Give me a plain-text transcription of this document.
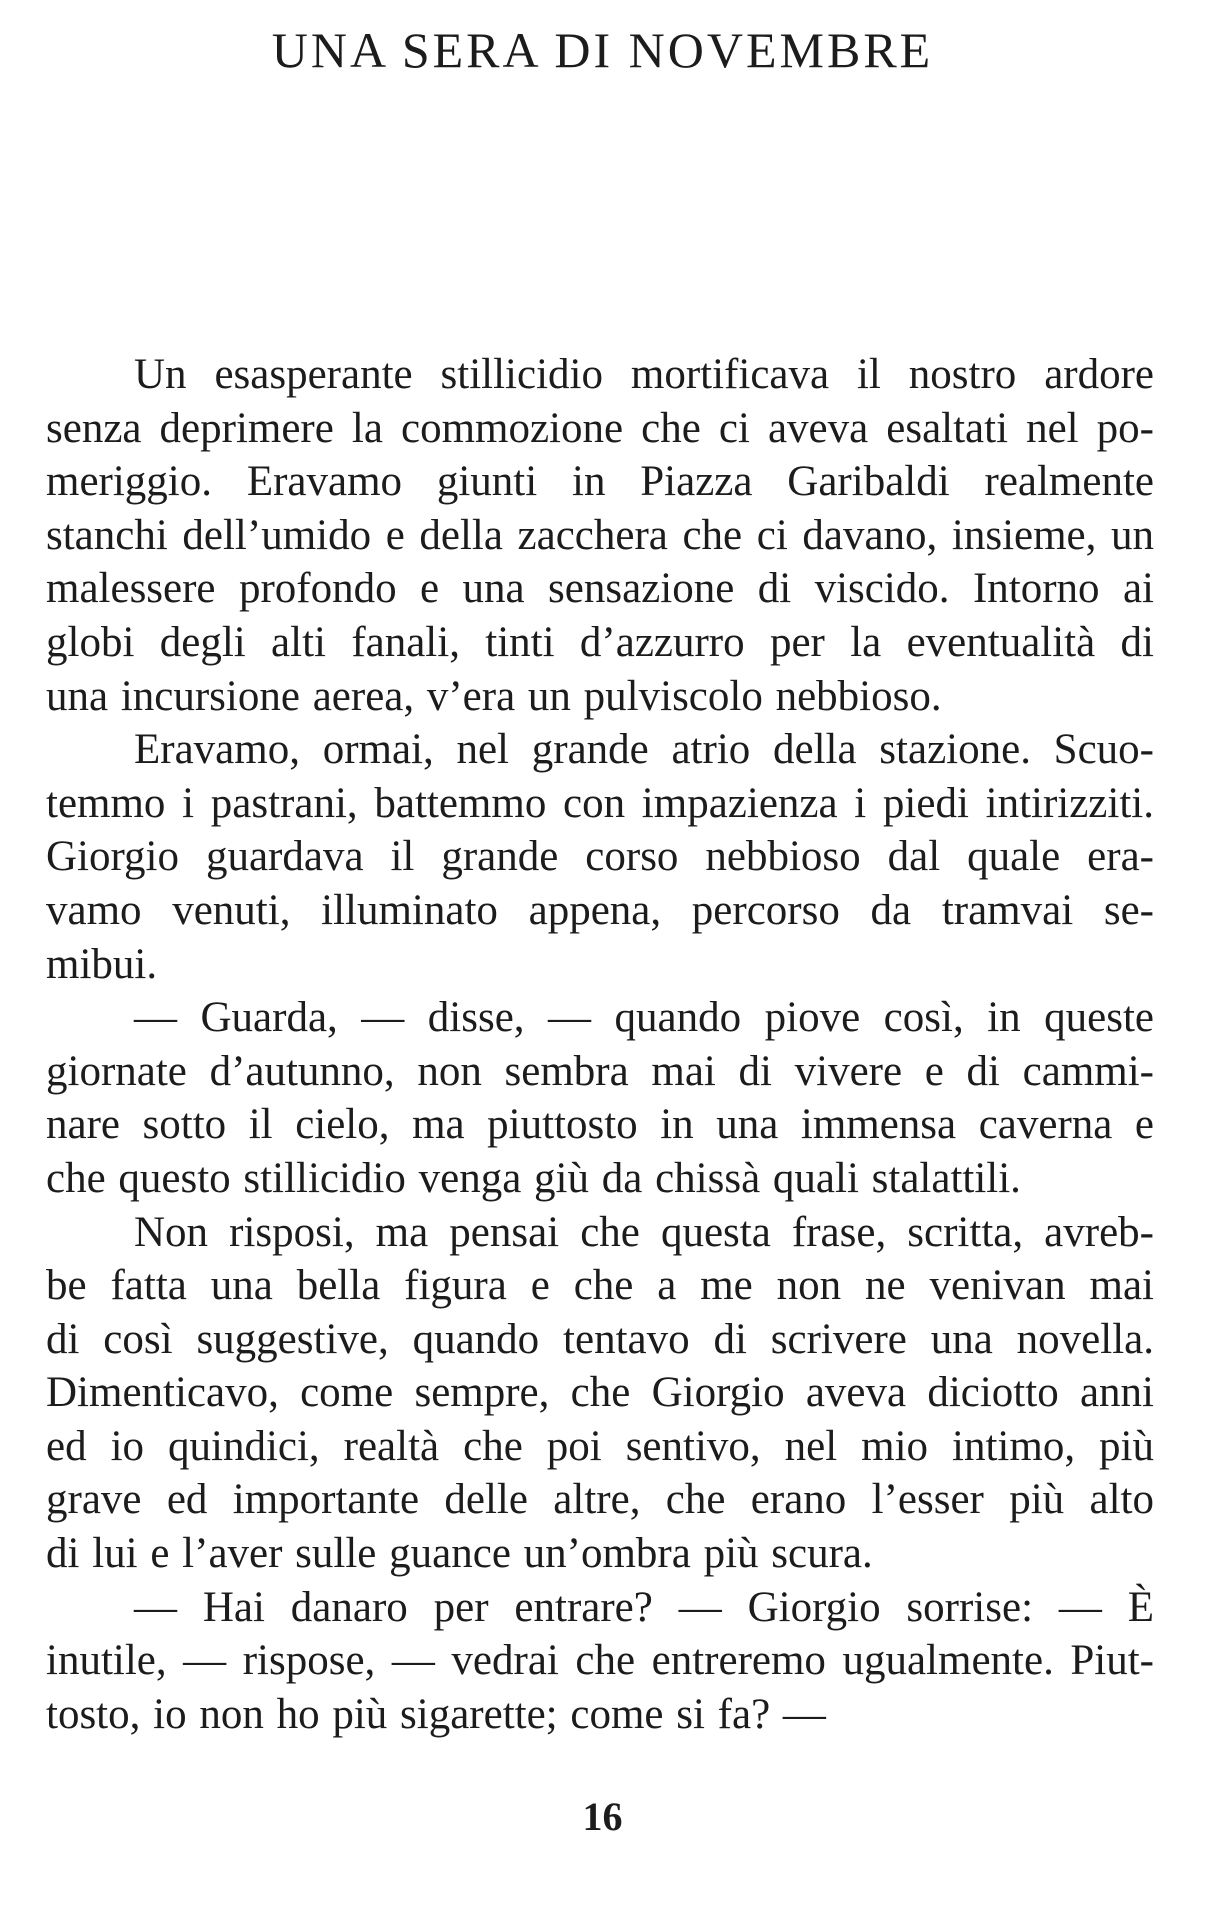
UNA SERA DI NOVEMBRE

Un esasperante stillicidio mortificava il nostro ardore
senza deprimere la commozione che ci aveva esaltati nel po-
meriggio. Eravamo giunti in Piazza Garibaldi realmente
stanchi dell’umido e della zacchera che ci davano, insieme, un
malessere profondo e una sensazione di viscido. Intorno ai
globi degli alti fanali, tinti d’azzurro per la eventualità di
una incursione aerea, v’era un pulviscolo nebbioso.

Eravamo, ormai, nel grande atrio della stazione. Scuo-
temmo i pastrani, battemmo con impazienza i piedi intirizziti.
Giorgio guardava il grande corso nebbioso dal quale era-
vamo venuti, illuminato appena, percorso da tramvai se-
mibui.

— Guarda, — disse, — quando piove così, in queste
giornate d’autunno, non sembra mai di vivere e di cammi-
nare sotto il cielo, ma piuttosto in una immensa caverna e
che questo stillicidio venga giù da chissà quali stalattili.

Non risposi, ma pensai che questa frase, scritta, avreb-
be fatta una bella figura e che a me non ne venivan mai
di così suggestive, quando tentavo di scrivere una novella.
Dimenticavo, come sempre, che Giorgio aveva diciotto anni
ed io quindici, realtà che poi sentivo, nel mio intimo, più
grave ed importante delle altre, che erano l’esser più alto
di lui e l’aver sulle guance un’ombra più scura.

— Hai danaro per entrare? — Giorgio sorrise: — È
inutile, — rispose, — vedrai che entreremo ugualmente. Piut-
tosto, io non ho più sigarette; come si fa? —

16
